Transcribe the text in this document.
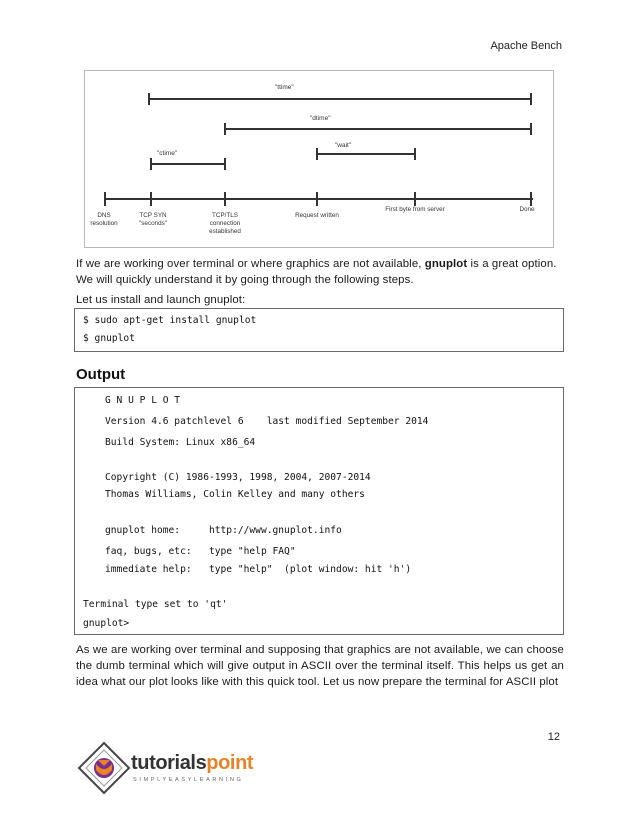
Apache Bench
"ttime"
"dtime"
"ctime"
"wait"
DNS resolution
TCP SYN "seconds"
TCP/TLS connection established
Request written
First byte from server	Done

If we are working over terminal or where graphics are not available, gnuplot is a great option. We will quickly understand it by going through the following steps.

Let us install and launch gnuplot:

$ sudo apt-get install gnuplot
$ gnuplot
Output
G N U P L O T
Version 4.6 patchlevel 6    last modified September 2014
Build System: Linux x86_64
Copyright (C) 1986-1993, 1998, 2004, 2007-2014
Thomas Williams, Colin Kelley and many others
gnuplot home:     http://www.gnuplot.info
faq, bugs, etc:   type "help FAQ"
immediate help:   type "help"  (plot window: hit 'h')
Terminal type set to 'qt'
gnuplot>

As we are working over terminal and supposing that graphics are not available, we can choose the dumb terminal which will give output in ASCII over the terminal itself. This helps us get an idea what our plot looks like with this quick tool. Let us now prepare the terminal for ASCII plot

12
tutorialspoint
SIMPLYEASYLEARNING
